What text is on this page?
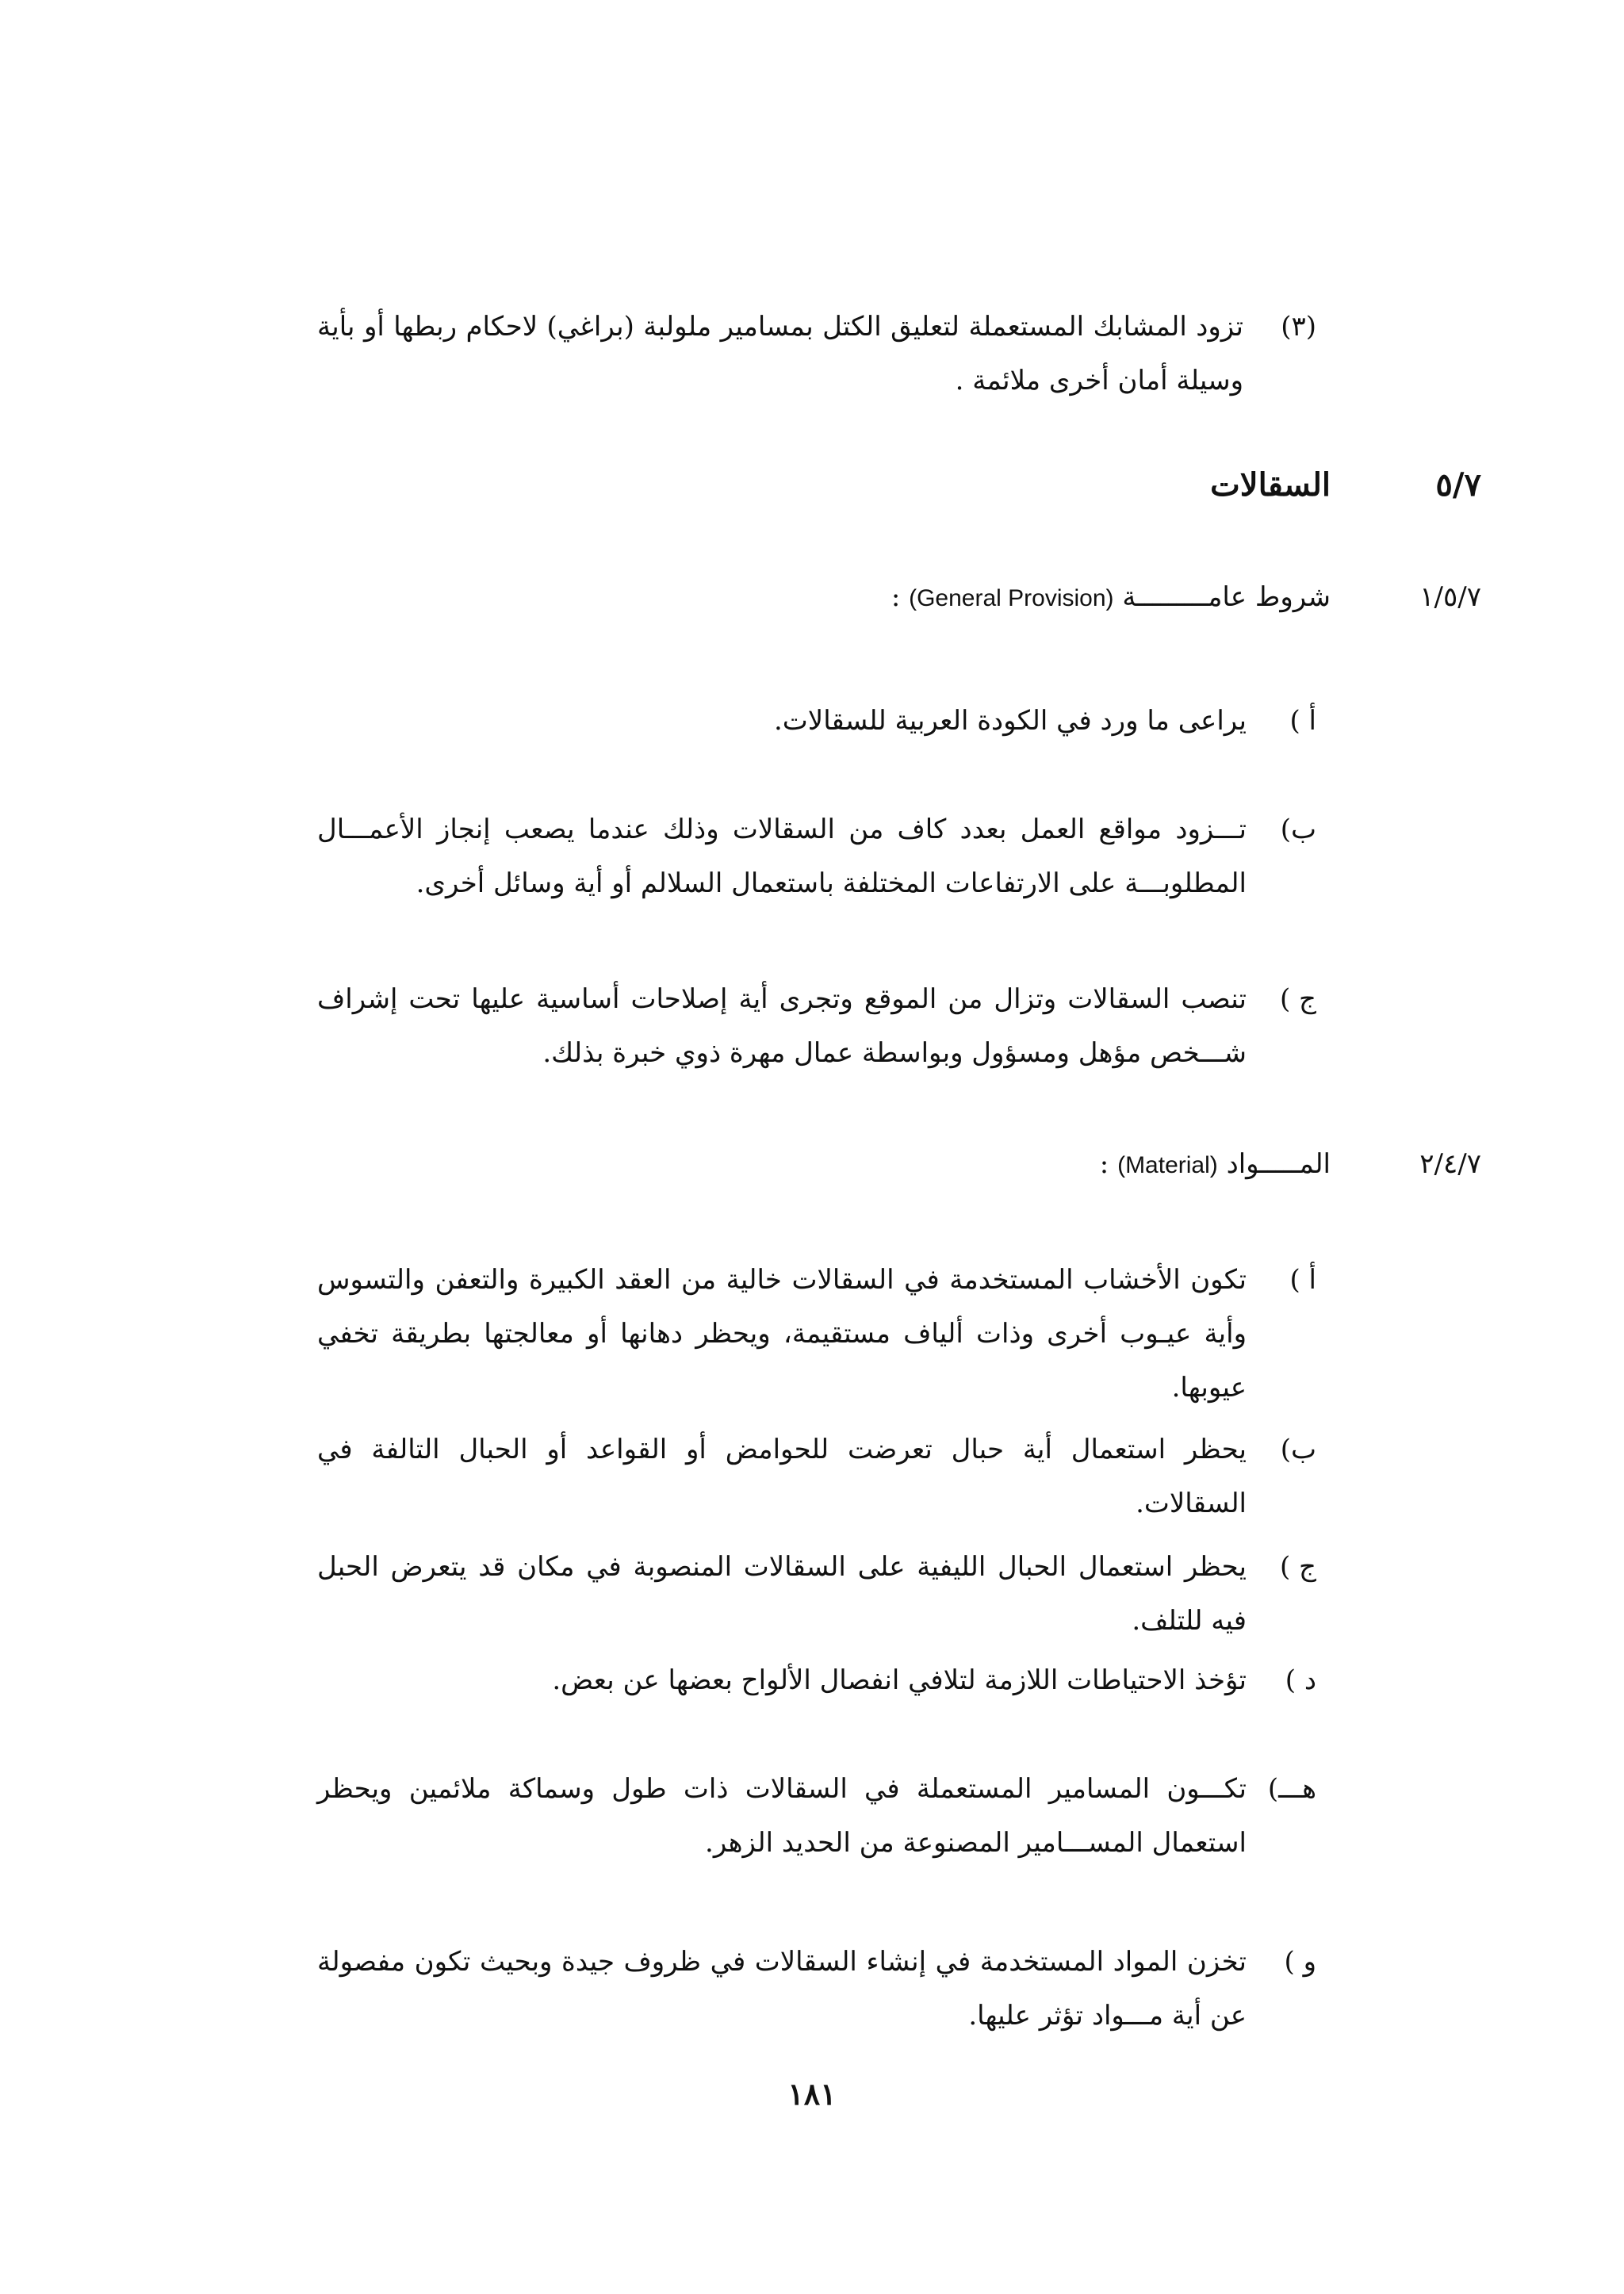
(٣)
تزود المشابك المستعملة لتعليق الكتل بمسامير ملولبة (براغي) لاحكام ربطها أو بأية وسيلة أمان أخرى ملائمة .
٥/٧
السقالات
١/٥/٧
شروط عامـــــــــة (General Provision) :
أ )
يراعى ما ورد في الكودة العربية للسقالات.
ب)
تـــزود مواقع العمل بعدد كاف من السقالات وذلك عندما يصعب إنجاز الأعمـــال المطلوبـــة على الارتفاعات المختلفة باستعمال السلالم أو أية وسائل أخرى.
ج )
تنصب السقالات وتزال من الموقع وتجرى أية إصلاحات أساسية عليها تحت إشراف شـــخص مؤهل ومسؤول وبواسطة عمال مهرة ذوي خبرة بذلك.
٢/٤/٧
المـــــواد (Material) :
أ )
تكون الأخشاب المستخدمة في السقالات خالية من العقد الكبيرة والتعفن والتسوس وأية عيـوب أخرى وذات ألياف مستقيمة، ويحظر دهانها أو معالجتها بطريقة تخفي عيوبها.
ب)
يحظر استعمال أية حبال تعرضت للحوامض أو القواعد أو الحبال التالفة في السقالات.
ج )
يحظر استعمال الحبال الليفية على السقالات المنصوبة في مكان قد يتعرض الحبل فيه للتلف.
د )
تؤخذ الاحتياطات اللازمة لتلافي انفصال الألواح بعضها عن بعض.
هـــ)
تكـــون المسامير المستعملة في السقالات ذات طول وسماكة ملائمين ويحظر استعمال المســـامير المصنوعة من الحديد الزهر.
و )
تخزن المواد المستخدمة في إنشاء السقالات في ظروف جيدة وبحيث تكون مفصولة عن أية مـــواد تؤثر عليها.
١٨١
